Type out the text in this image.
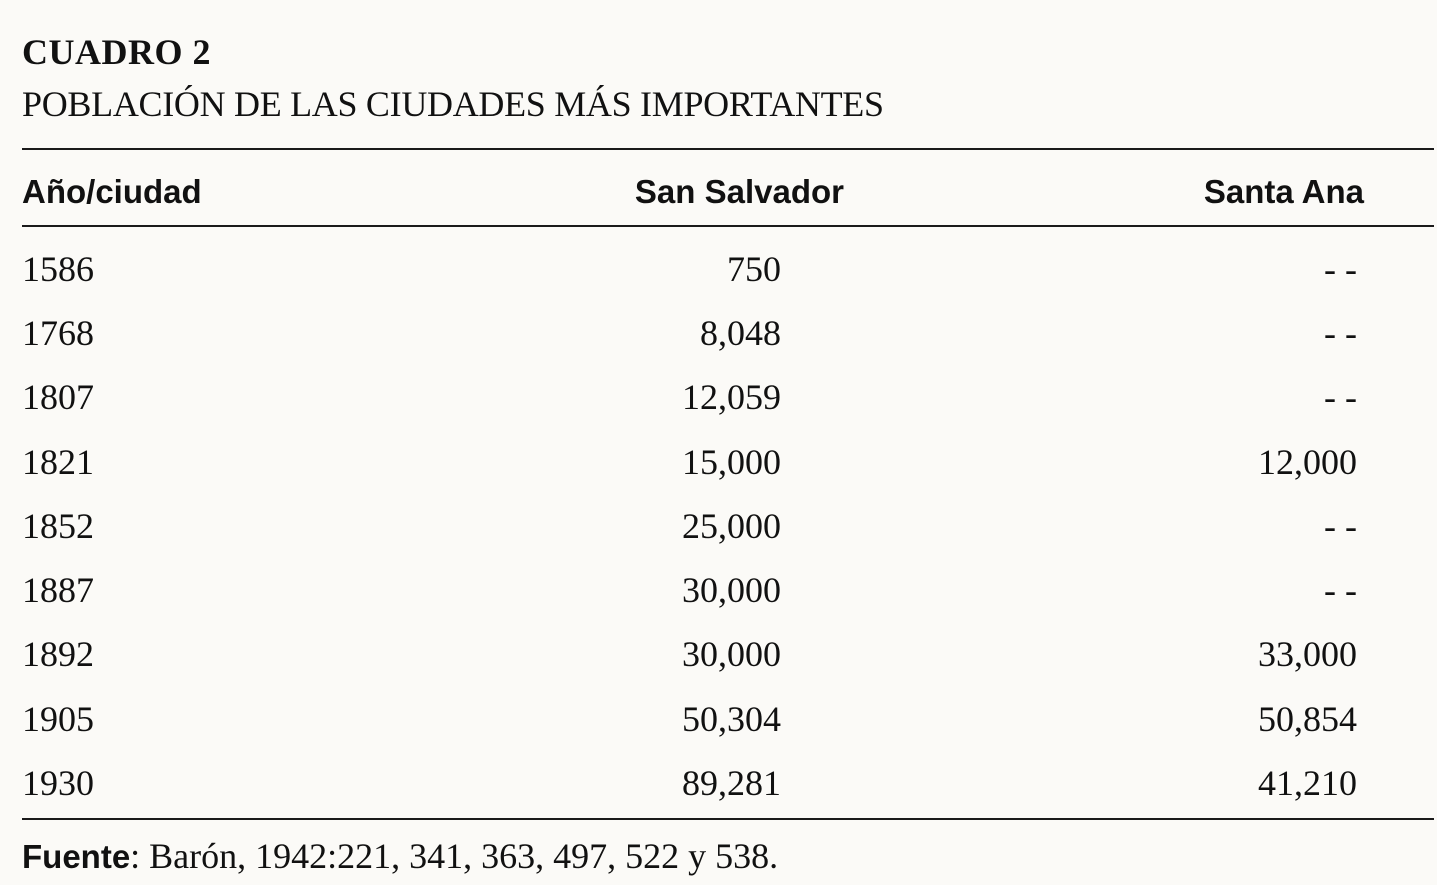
CUADRO 2
POBLACIÓN DE LAS CIUDADES MÁS IMPORTANTES
Año/ciudad	San Salvador	Santa Ana
1586	750	- -
1768	8,048	- -
1807	12,059	- -
1821	15,000	12,000
1852	25,000	- -
1887	30,000	- -
1892	30,000	33,000
1905	50,304	50,854
1930	89,281	41,210
Fuente: Barón, 1942:221, 341, 363, 497, 522 y 538.
